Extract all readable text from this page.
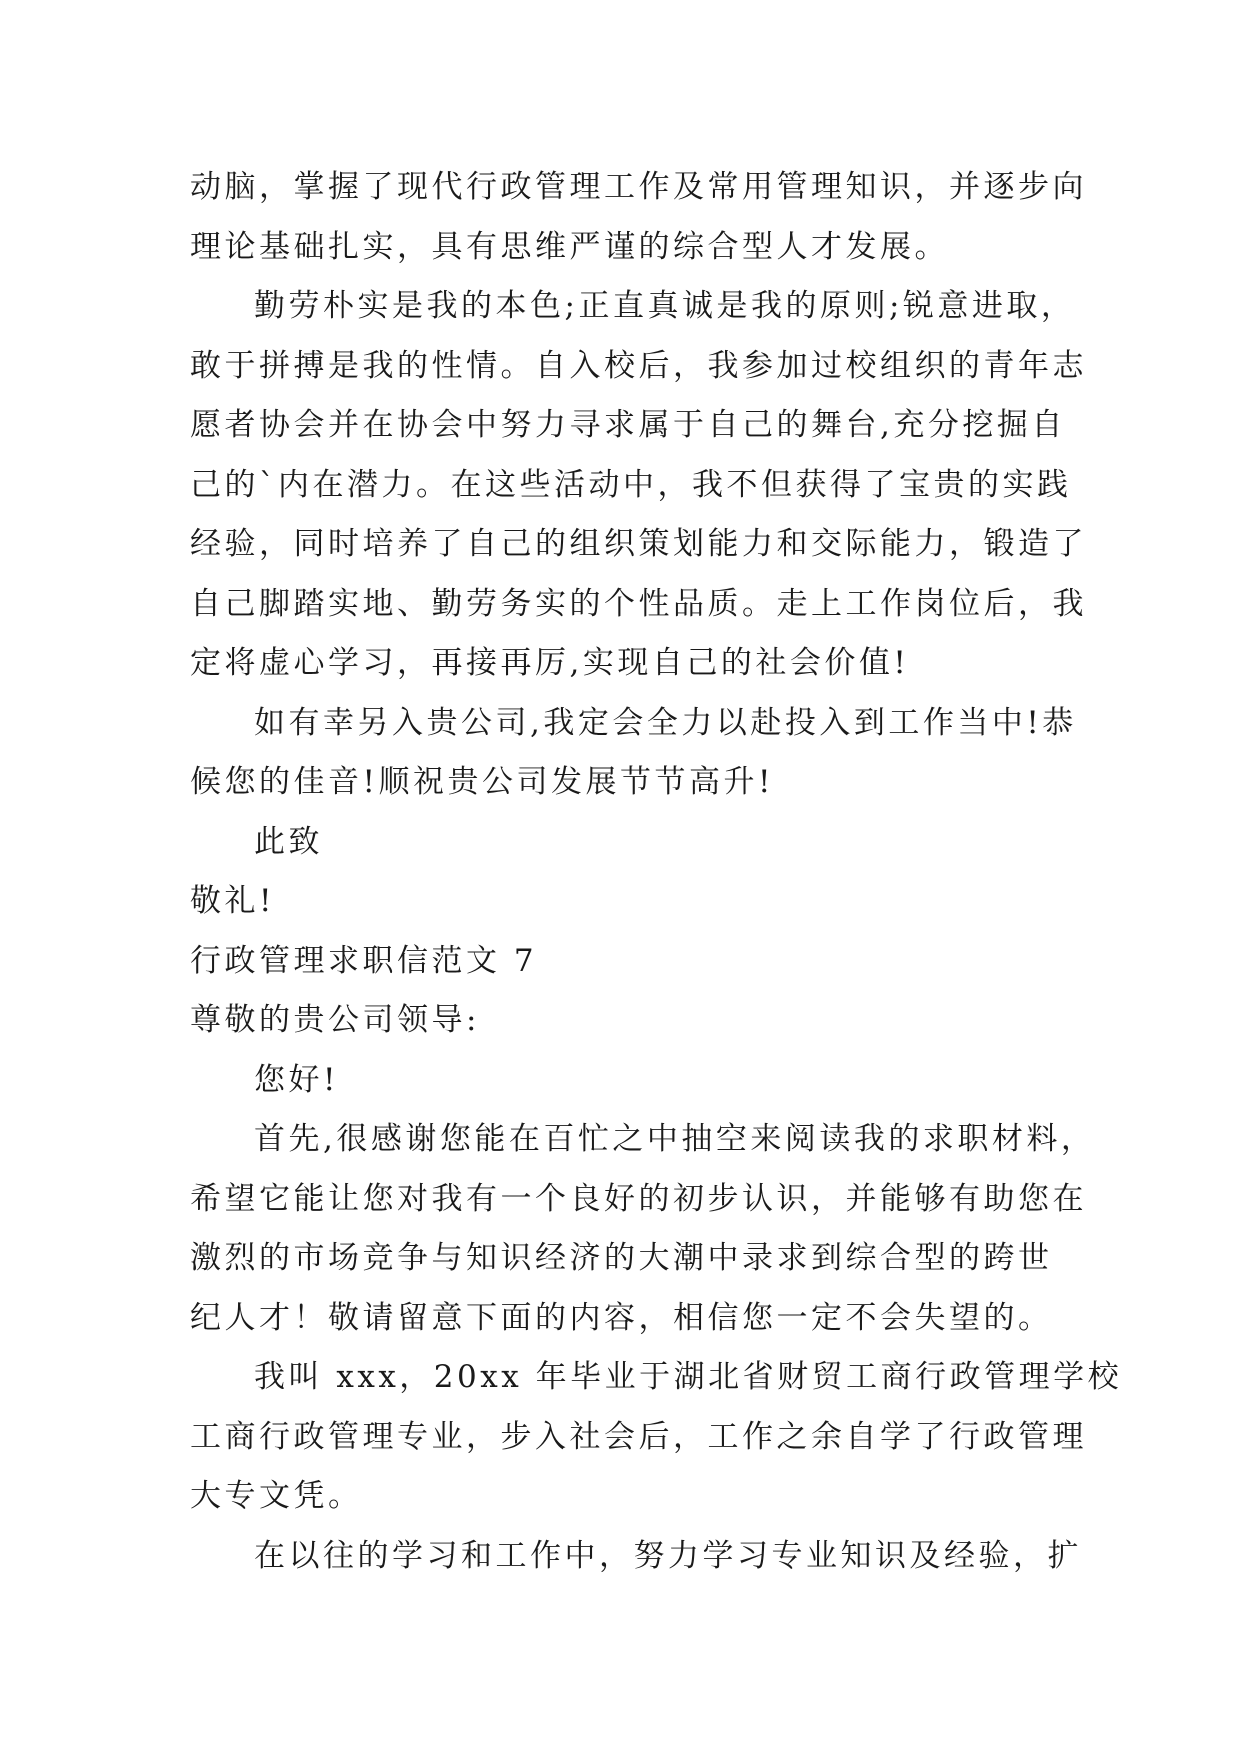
动脑，掌握了现代行政管理工作及常用管理知识，并逐步向
理论基础扎实，具有思维严谨的综合型人才发展。
勤劳朴实是我的本色;正直真诚是我的原则;锐意进取，
敢于拼搏是我的性情。自入校后，我参加过校组织的青年志
愿者协会并在协会中努力寻求属于自己的舞台,充分挖掘自
己的`内在潜力。在这些活动中，我不但获得了宝贵的实践
经验，同时培养了自己的组织策划能力和交际能力，锻造了
自己脚踏实地、勤劳务实的个性品质。走上工作岗位后，我
定将虚心学习，再接再厉,实现自己的社会价值!
如有幸另入贵公司,我定会全力以赴投入到工作当中!恭
候您的佳音!顺祝贵公司发展节节高升!
此致
敬礼!
行政管理求职信范文 7
尊敬的贵公司领导:
您好!
首先,很感谢您能在百忙之中抽空来阅读我的求职材料，
希望它能让您对我有一个良好的初步认识，并能够有助您在
激烈的市场竞争与知识经济的大潮中录求到综合型的跨世
纪人才！敬请留意下面的内容，相信您一定不会失望的。
我叫 xxx，20xx 年毕业于湖北省财贸工商行政管理学校
工商行政管理专业，步入社会后，工作之余自学了行政管理
大专文凭。
在以往的学习和工作中，努力学习专业知识及经验，扩
